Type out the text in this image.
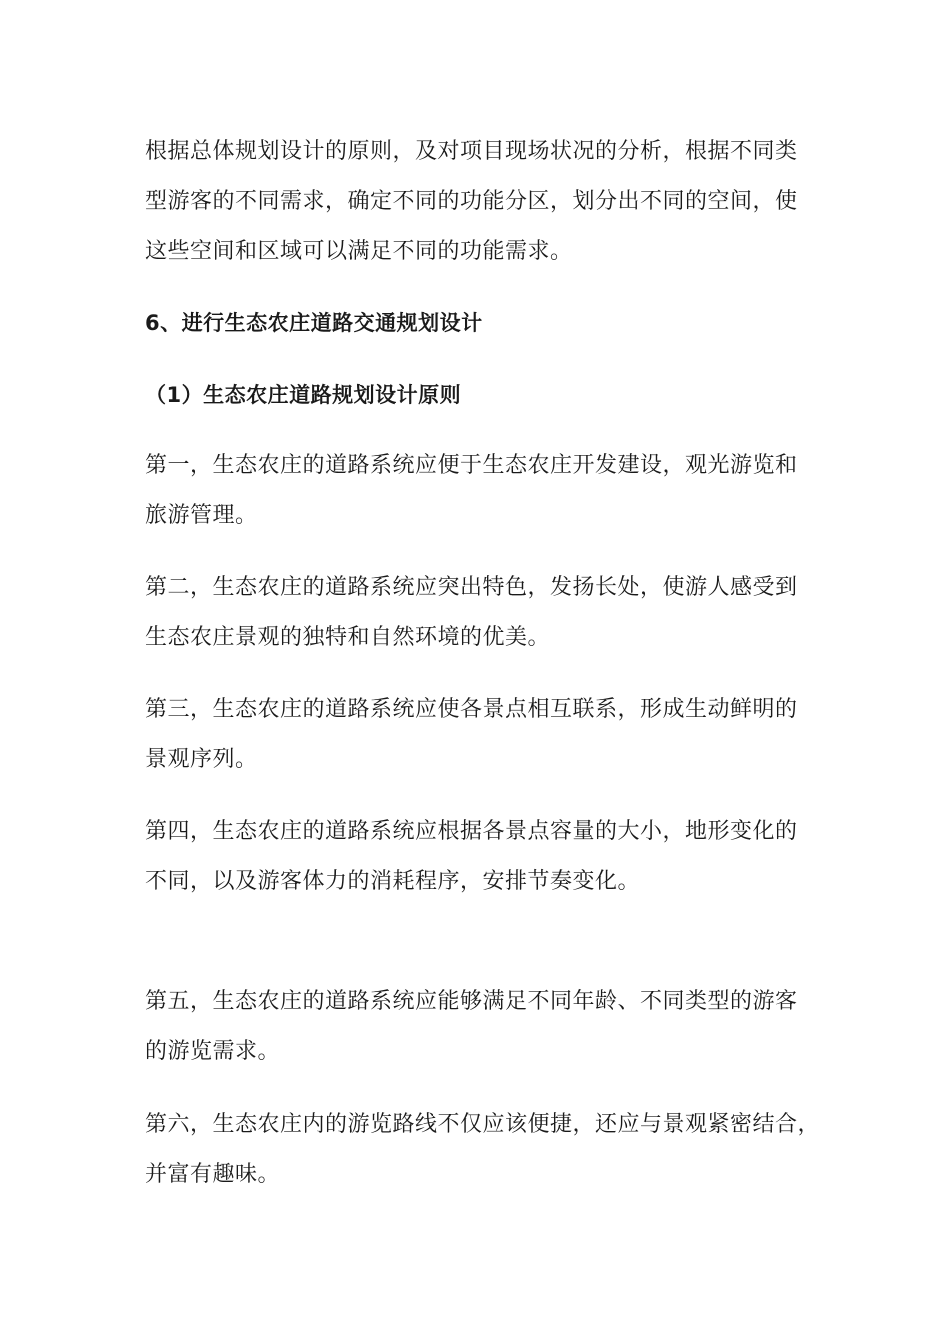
根据总体规划设计的原则，及对项目现场状况的分析，根据不同类
型游客的不同需求，确定不同的功能分区，划分出不同的空间，使
这些空间和区域可以满足不同的功能需求。
6、进行生态农庄道路交通规划设计
（1）生态农庄道路规划设计原则
第一，生态农庄的道路系统应便于生态农庄开发建设，观光游览和
旅游管理。
第二，生态农庄的道路系统应突出特色，发扬长处，使游人感受到
生态农庄景观的独特和自然环境的优美。
第三，生态农庄的道路系统应使各景点相互联系，形成生动鲜明的
景观序列。
第四，生态农庄的道路系统应根据各景点容量的大小，地形变化的
不同，以及游客体力的消耗程序，安排节奏变化。
第五，生态农庄的道路系统应能够满足不同年龄、不同类型的游客
的游览需求。
第六，生态农庄内的游览路线不仅应该便捷，还应与景观紧密结合，
并富有趣味。
